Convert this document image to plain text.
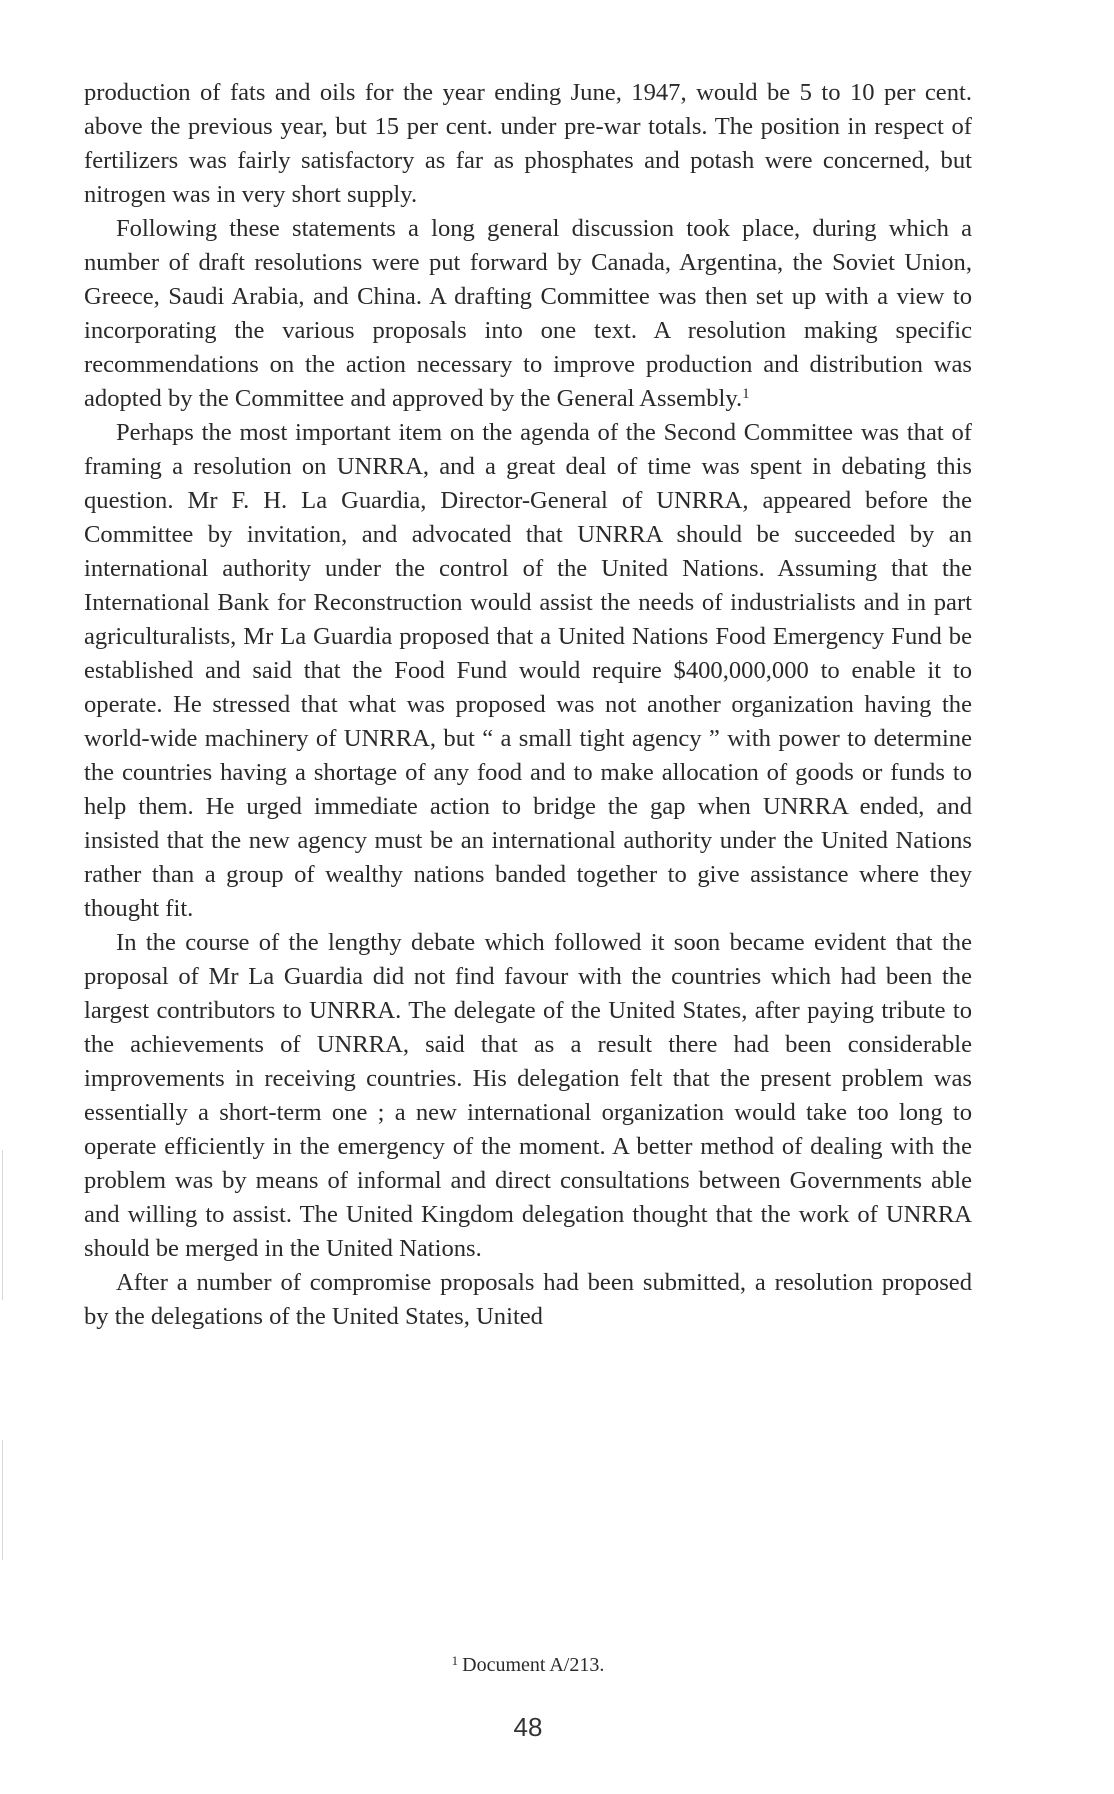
production of fats and oils for the year ending June, 1947, would be 5 to 10 per cent. above the previous year, but 15 per cent. under pre-war totals. The position in respect of fertilizers was fairly satisfactory as far as phosphates and potash were concerned, but nitrogen was in very short supply.

Following these statements a long general discussion took place, during which a number of draft resolutions were put forward by Canada, Argentina, the Soviet Union, Greece, Saudi Arabia, and China. A drafting Committee was then set up with a view to incorporating the various proposals into one text. A resolution making specific recommendations on the action necessary to improve production and distribution was adopted by the Committee and approved by the General Assembly.$^1$

Perhaps the most important item on the agenda of the Second Committee was that of framing a resolution on UNRRA, and a great deal of time was spent in debating this question. Mr F. H. La Guardia, Director-General of UNRRA, appeared before the Committee by invitation, and advocated that UNRRA should be succeeded by an international authority under the control of the United Nations. Assuming that the International Bank for Reconstruction would assist the needs of industrialists and in part agriculturalists, Mr La Guardia proposed that a United Nations Food Emergency Fund be established and said that the Food Fund would require $400,000,000 to enable it to operate. He stressed that what was proposed was not another organization having the world-wide machinery of UNRRA, but “ a small tight agency ” with power to determine the countries having a shortage of any food and to make allocation of goods or funds to help them. He urged immediate action to bridge the gap when UNRRA ended, and insisted that the new agency must be an international authority under the United Nations rather than a group of wealthy nations banded together to give assistance where they thought fit.

In the course of the lengthy debate which followed it soon became evident that the proposal of Mr La Guardia did not find favour with the countries which had been the largest contributors to UNRRA. The delegate of the United States, after paying tribute to the achievements of UNRRA, said that as a result there had been considerable improvements in receiving countries. His delegation felt that the present problem was essentially a short-term one ; a new international organization would take too long to operate efficiently in the emergency of the moment. A better method of dealing with the problem was by means of informal and direct consultations between Governments able and willing to assist. The United Kingdom delegation thought that the work of UNRRA should be merged in the United Nations.

After a number of compromise proposals had been submitted, a resolution proposed by the delegations of the United States, United

$^1$ Document A/213.
48
